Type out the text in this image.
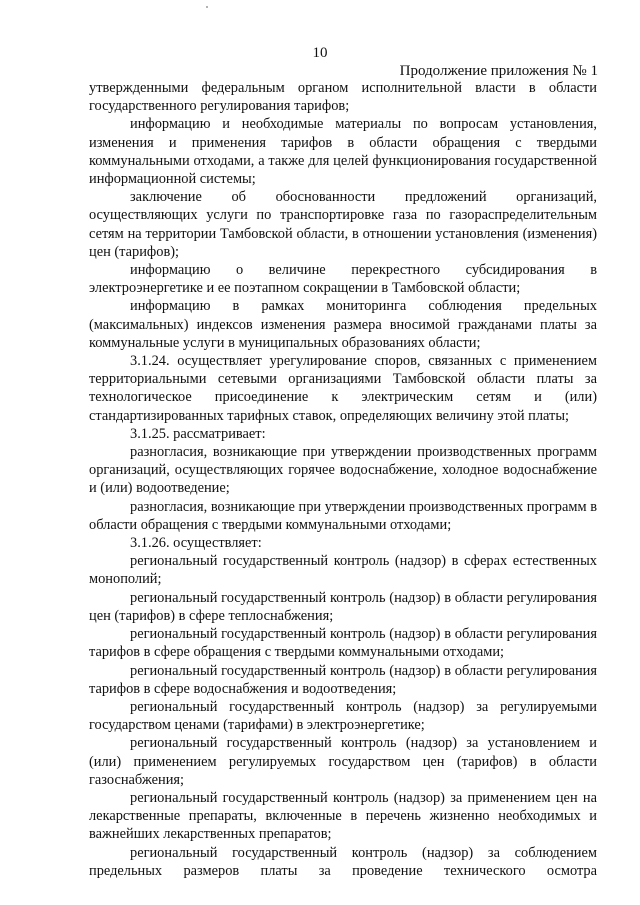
10
Продолжение приложения № 1

утвержденными федеральным органом исполнительной власти в области государственного регулирования тарифов;

информацию и необходимые материалы по вопросам установления, изменения и применения тарифов в области обращения с твердыми коммунальными отходами, а также для целей функционирования государственной информационной системы;

заключение об обоснованности предложений организаций, осуществляющих услуги по транспортировке газа по газораспределительным сетям на территории Тамбовской области, в отношении установления (изменения) цен (тарифов);

информацию о величине перекрестного субсидирования в электроэнергетике и ее поэтапном сокращении в Тамбовской области;

информацию в рамках мониторинга соблюдения предельных (максимальных) индексов изменения размера вносимой гражданами платы за коммунальные услуги в муниципальных образованиях области;

3.1.24. осуществляет урегулирование споров, связанных с применением территориальными сетевыми организациями Тамбовской области платы за технологическое присоединение к электрическим сетям и (или) стандартизированных тарифных ставок, определяющих величину этой платы;

3.1.25. рассматривает:

разногласия, возникающие при утверждении производственных программ организаций, осуществляющих горячее водоснабжение, холодное водоснабжение и (или) водоотведение;

разногласия, возникающие при утверждении производственных программ в области обращения с твердыми коммунальными отходами;

3.1.26. осуществляет:

региональный государственный контроль (надзор) в сферах естественных монополий;

региональный государственный контроль (надзор) в области регулирования цен (тарифов) в сфере теплоснабжения;

региональный государственный контроль (надзор) в области регулирования тарифов в сфере обращения с твердыми коммунальными отходами;

региональный государственный контроль (надзор) в области регулирования тарифов в сфере водоснабжения и водоотведения;

региональный государственный контроль (надзор) за регулируемыми государством ценами (тарифами) в электроэнергетике;

региональный государственный контроль (надзор) за установлением и (или) применением регулируемых государством цен (тарифов) в области газоснабжения;

региональный государственный контроль (надзор) за применением цен на лекарственные препараты, включенные в перечень жизненно необходимых и важнейших лекарственных препаратов;

региональный государственный контроль (надзор) за соблюдением предельных размеров платы за проведение технического осмотра
